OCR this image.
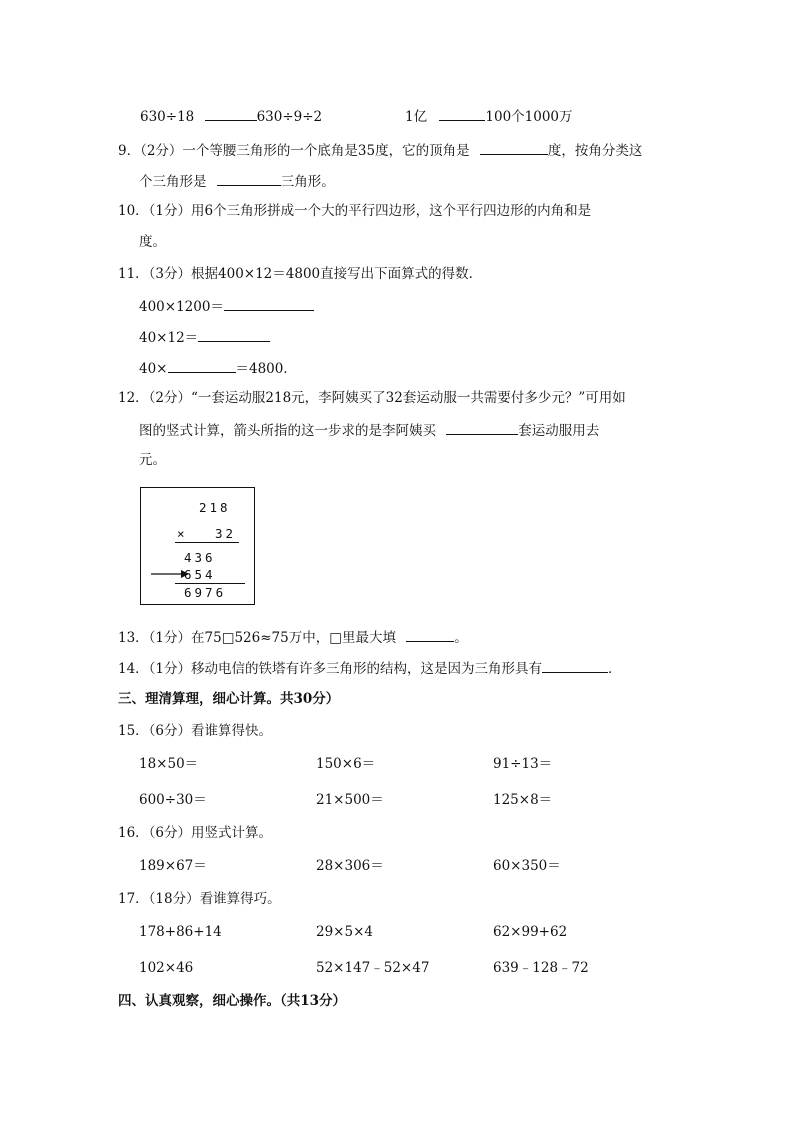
630÷18	630÷9÷2	1亿	100个1000万
9．（2分）一个等腰三角形的一个底角是35度，它的顶角是	度，按角分类这
个三角形是	三角形。
10．（1分）用6个三角形拼成一个大的平行四边形，这个平行四边形的内角和是
度。
11．（3分）根据400×12＝4800直接写出下面算式的得数．
400×1200＝
40×12＝
40×	＝4800．
12．（2分）“一套运动服218元，李阿姨买了32套运动服一共需要付多少元？”可用如
图的竖式计算，箭头所指的这一步求的是李阿姨买	套运动服用去
元。
218
× 32
436
654
6976
13．（1分）在75□526≈75万中，□里最大填	。
14．（1分）移动电信的铁塔有许多三角形的结构，这是因为三角形具有	．
三、理清算理，细心计算。共30分）
15．（6分）看谁算得快。
18×50＝	150×6＝	91÷13＝
600÷30＝	21×500＝	125×8＝
16．（6分）用竖式计算。
189×67＝	28×306＝	60×350＝
17．（18分）看谁算得巧。
178+86+14	29×5×4	62×99+62
102×46	52×147﹣52×47	639﹣128﹣72
四、认真观察，细心操作。（共13分）
